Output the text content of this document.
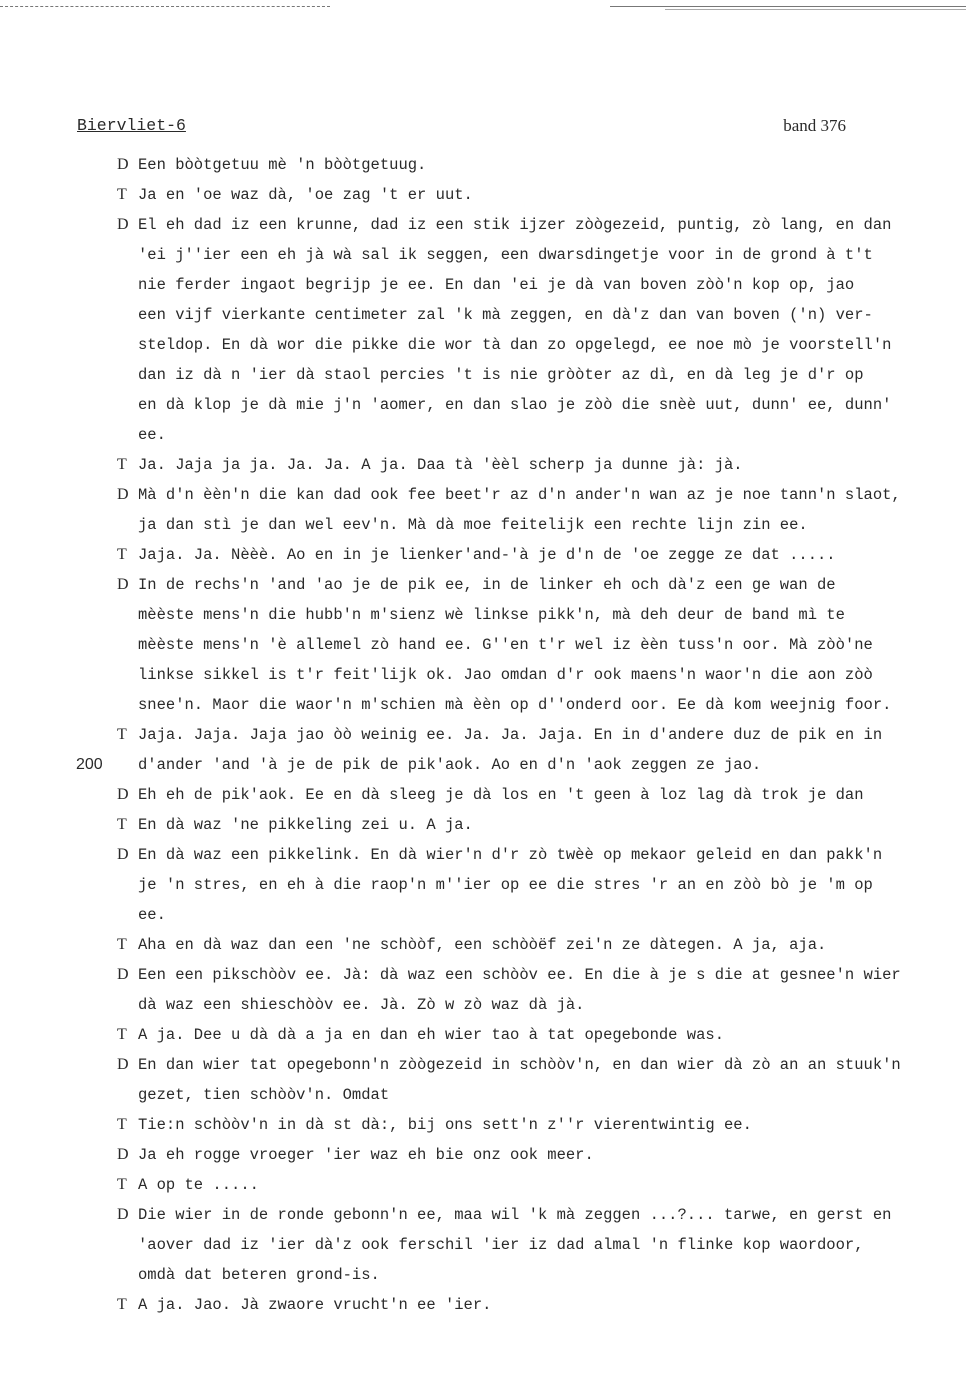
Biervliet-6	band 376
D Een bòòtgetuu mè 'n bòòtgetuug.
T Ja en 'oe waz dà, 'oe zag 't er uut.
D El eh dad iz een krunne, dad iz een stik ijzer zòògezeid, puntig, zò lang, en dan
'ei j''ier een eh jà wà sal ik seggen, een dwarsdingetje voor in de grond à t't
nie ferder ingaot begrijp je ee. En dan 'ei je dà van boven zòò'n kop op, jao
een vijf vierkante centimeter zal 'k mà zeggen, en dà'z dan van boven ('n) ver-
steldop. En dà wor die pikke die wor tà dan zo opgelegd, ee noe mò je voorstell'n
dan iz dà n 'ier dà staol percies 't is nie gròòter az dì, en dà leg je d'r op
en dà klop je dà mie j'n 'aomer, en dan slao je zòò die snèè uut, dunn' ee, dunn'
ee.
T Ja. Jaja ja ja. Ja. Ja. A ja. Daa tà 'èèl scherp ja dunne jà: jà.
D Mà d'n èèn'n die kan dad ook fee beet'r az d'n ander'n wan az je noe tann'n slaot,
ja dan stì je dan wel eev'n. Mà dà moe feitelijk een rechte lijn zin ee.
T Jaja. Ja. Nèèè. Ao en in je lienker'and-'à je d'n de 'oe zegge ze dat .....
D In de rechs'n 'and 'ao je de pik ee, in de linker eh och dà'z een ge wan de
mèèste mens'n die hubb'n m'sienz wè linkse pikk'n, mà deh deur de band mì te
mèèste mens'n 'è allemel zò hand ee. G''en t'r wel iz èèn tuss'n oor. Mà zòò'ne
linkse sikkel is t'r feit'lijk ok. Jao omdan d'r ook maens'n waor'n die aon zòò
snee'n. Maor die waor'n m'schien mà èèn op d''onderd oor. Ee dà kom weejnig foor.
T
200
Jaja. Jaja. Jaja jao òò weinig ee. Ja. Ja. Jaja. En in d'andere duz de pik en in
d'ander 'and 'à je de pik de pik'aok. Ao en d'n 'aok zeggen ze jao.
D Eh eh de pik'aok. Ee en dà sleeg je dà los en 't geen à loz lag dà trok je dan
T En dà waz 'ne pikkeling zei u. A ja.
D En dà waz een pikkelink. En dà wier'n d'r zò twèè op mekaor geleid en dan pakk'n
je 'n stres, en eh à die raop'n m''ier op ee die stres 'r an en zòò bò je 'm op
ee.
T Aha en dà waz dan een 'ne schòòf, een schòòëf zei'n ze dàtegen. A ja, aja.
D Een een pikschòòv ee. Jà: dà waz een schòòv ee. En die à je s die at gesnee'n wier
dà waz een shieschòòv ee. Jà. Zò w zò waz dà jà.
T A ja. Dee u dà dà a ja en dan eh wier tao à tat opegebonde was.
D En dan wier tat opegebonn'n zòògezeid in schòòv'n, en dan wier dà zò an an stuuk'n
gezet, tien schòòv'n. Omdat
T Tie:n schòòv'n in dà st dà:, bij ons sett'n z''r vierentwintig ee.
D Ja eh rogge vroeger 'ier waz eh bie onz ook meer.
T A op te .....
D Die wier in de ronde gebonn'n ee, maa wil 'k mà zeggen ...?... tarwe, en gerst en
'aover dad iz 'ier dà'z ook ferschil 'ier iz dad almal 'n flinke kop waordoor,
omdà dat beteren grond-is.
T A ja. Jao. Jà zwaore vrucht'n ee 'ier.
